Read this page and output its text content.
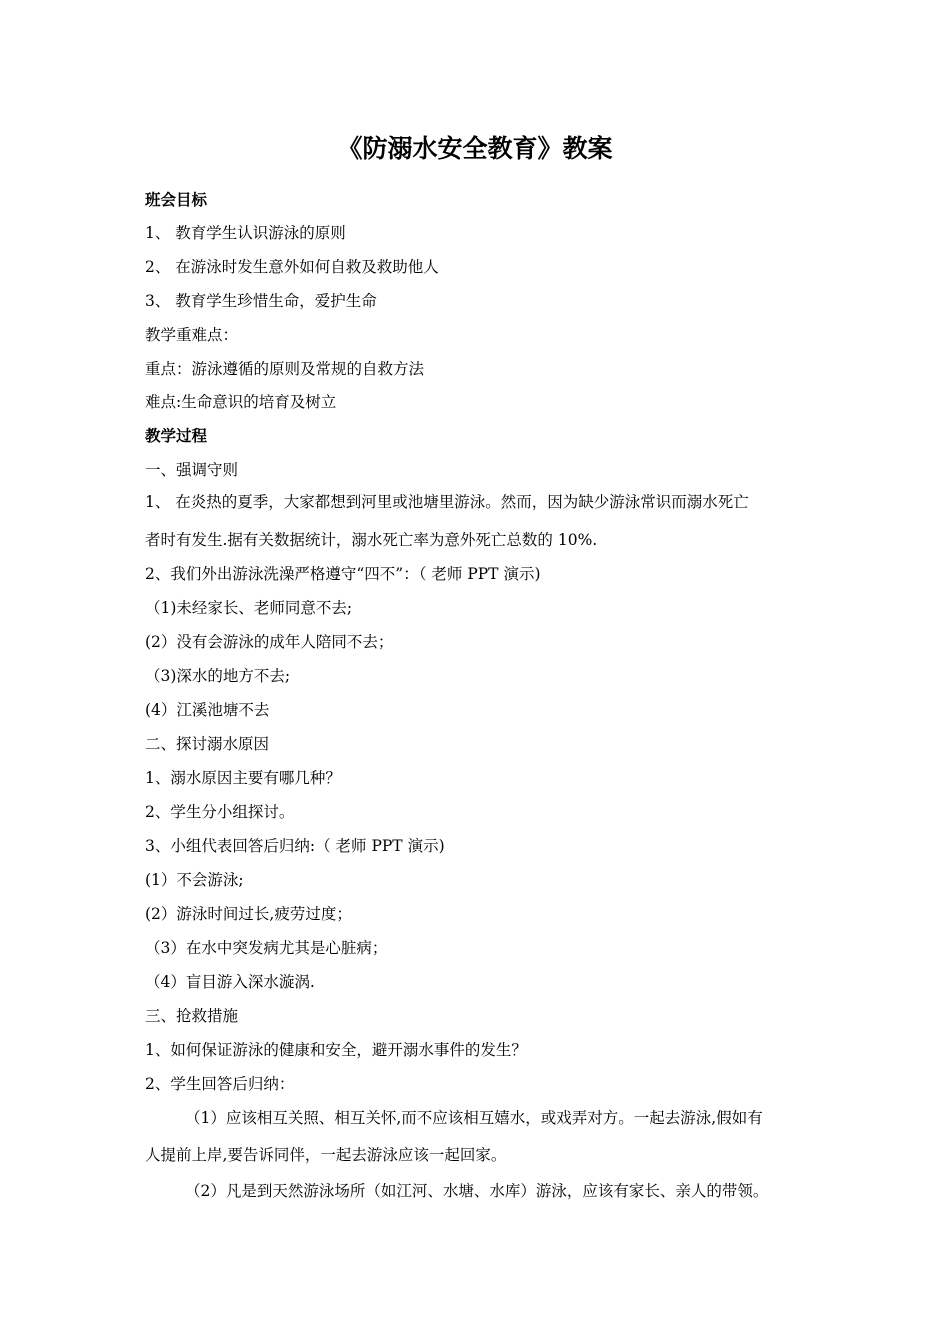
《防溺水安全教育》教案
班会目标
1、 教育学生认识游泳的原则
2、 在游泳时发生意外如何自救及救助他人
3、 教育学生珍惜生命，爱护生命
教学重难点：
重点：游泳遵循的原则及常规的自救方法
难点:生命意识的培育及树立
教学过程
一、强调守则
1、 在炎热的夏季，大家都想到河里或池塘里游泳。然而，因为缺少游泳常识而溺水死亡
者时有发生.据有关数据统计，溺水死亡率为意外死亡总数的 10%.
2、我们外出游泳洗澡严格遵守“四不”：（ 老师 PPT 演示)
（1)未经家长、老师同意不去;
(2）没有会游泳的成年人陪同不去；
（3)深水的地方不去;
(4）江溪池塘不去
二、探讨溺水原因
1、溺水原因主要有哪几种？
2、学生分小组探讨。
3、小组代表回答后归纳:（ 老师 PPT 演示)
(1）不会游泳;
(2）游泳时间过长,疲劳过度；
（3）在水中突发病尤其是心脏病；
（4）盲目游入深水漩涡.
三、抢救措施
1、如何保证游泳的健康和安全，避开溺水事件的发生？
2、学生回答后归纳：
（1）应该相互关照、相互关怀,而不应该相互嬉水，或戏弄对方。一起去游泳,假如有
人提前上岸,要告诉同伴，一起去游泳应该一起回家。
（2）凡是到天然游泳场所（如江河、水塘、水库）游泳，应该有家长、亲人的带领。
